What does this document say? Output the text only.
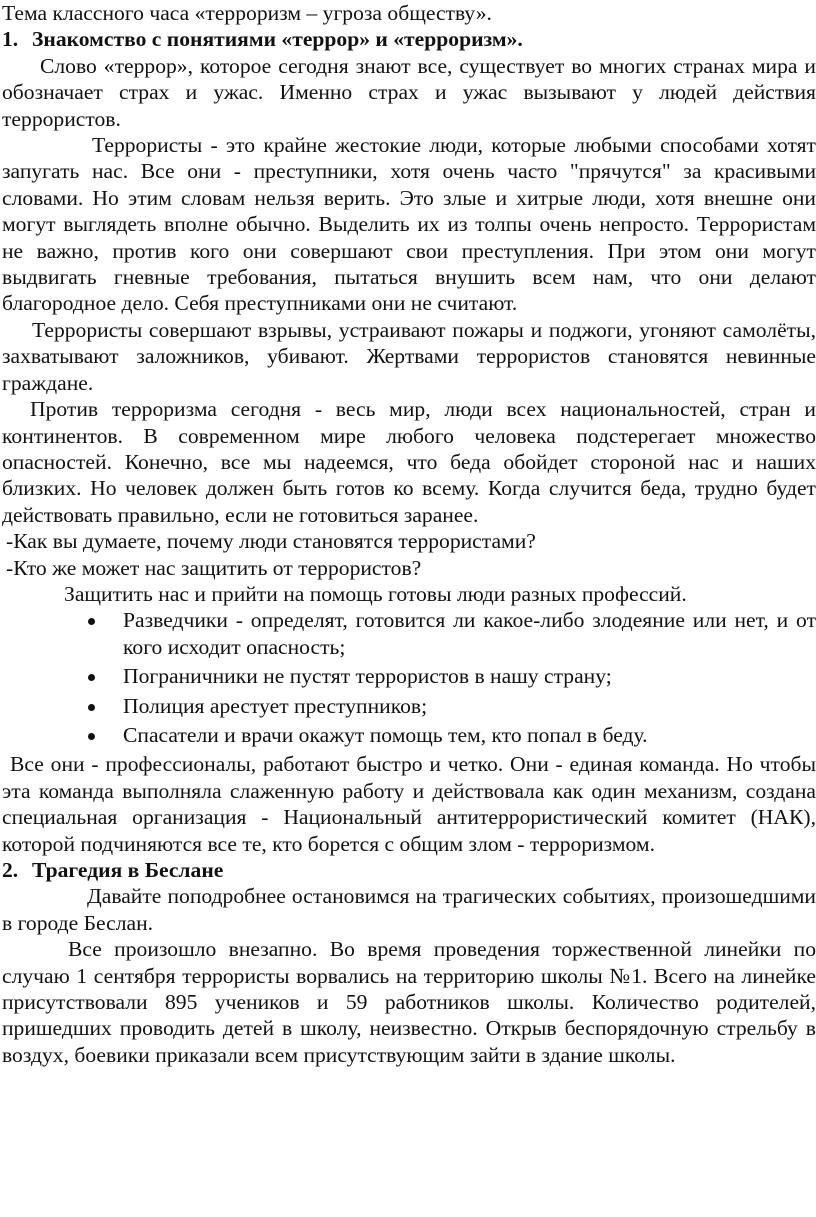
Тема классного часа «терроризм – угроза обществу».

1. Знакомство с понятиями «террор» и «терроризм».

Слово «террор», которое сегодня знают все, существует во многих странах мира и обозначает страх и ужас. Именно страх и ужас вызывают у людей действия террористов.

Террористы - это крайне жестокие люди, которые любыми способами хотят запугать нас. Все они - преступники, хотя очень часто "прячутся" за красивыми словами. Но этим словам нельзя верить. Это злые и хитрые люди, хотя внешне они могут выглядеть вполне обычно. Выделить их из толпы очень непросто. Террористам не важно, против кого они совершают свои преступления. При этом они могут выдвигать гневные требования, пытаться внушить всем нам, что они делают благородное дело. Себя преступниками они не считают.

Террористы совершают взрывы, устраивают пожары и поджоги, угоняют самолёты, захватывают заложников, убивают. Жертвами террористов становятся невинные граждане.

Против терроризма сегодня - весь мир, люди всех национальностей, стран и континентов. В современном мире любого человека подстерегает множество опасностей. Конечно, все мы надеемся, что беда обойдет стороной нас и наших близких. Но человек должен быть готов ко всему. Когда случится беда, трудно будет действовать правильно, если не готовиться заранее.

-Как вы думаете, почему люди становятся террористами?

-Кто же может нас защитить от террористов?

Защитить нас и прийти на помощь готовы люди разных профессий.

Разведчики - определят, готовится ли какое-либо злодеяние или нет, и от кого исходит опасность;
Пограничники не пустят террористов в нашу страну;
Полиция арестует преступников;
Спасатели и врачи окажут помощь тем, кто попал в беду.

Все они - профессионалы, работают быстро и четко. Они - единая команда. Но чтобы эта команда выполняла слаженную работу и действовала как один механизм, создана специальная организация - Национальный антитеррористический комитет (НАК), которой подчиняются все те, кто борется с общим злом - терроризмом.

2. Трагедия в Беслане

Давайте поподробнее остановимся на трагических событиях, произошедшими в городе Беслан.

Все произошло внезапно. Во время проведения торжественной линейки по случаю 1 сентября террористы ворвались на территорию школы №1. Всего на линейке присутствовали 895 учеников и 59 работников школы. Количество родителей, пришедших проводить детей в школу, неизвестно. Открыв беспорядочную стрельбу в воздух, боевики приказали всем присутствующим зайти в здание школы.
